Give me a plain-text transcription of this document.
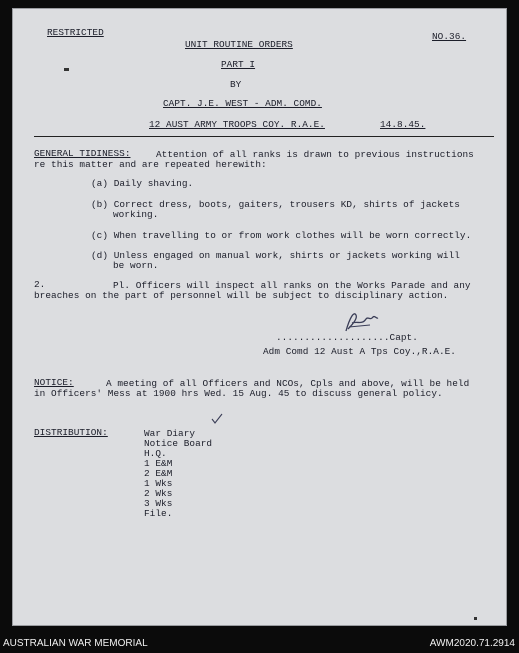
RESTRICTED
UNIT ROUTINE ORDERS
NO.36.
PART I
BY
CAPT. J.E. WEST - ADM. COMD.
12 AUST ARMY TROOPS COY. R.A.E.	14.8.45.
GENERAL TIDINESS:	Attention of all ranks is drawn to previous instructions
re this matter and are repeated herewith:
(a) Daily shaving.
(b) Correct dress, boots, gaiters, trousers KD, shirts of jackets
working.
(c) When travelling to or from work clothes will be worn correctly.
(d) Unless engaged on manual work, shirts or jackets working will
be worn.
2.	Pl. Officers will inspect all ranks on the Works Parade and any
breaches on the part of personnel will be subject to disciplinary action.
....................Capt.
Adm Comd 12 Aust A Tps Coy.,R.A.E.
NOTICE:	A meeting of all Officers and NCOs, Cpls and above, will be held
in Officers' Mess at 1900 hrs Wed. 15 Aug. 45 to discuss general policy.
DISTRIBUTION:	War Diary
Notice Board
H.Q.
1 E&M
2 E&M
1 Wks
2 Wks
3 Wks
File.
AUSTRALIAN WAR MEMORIAL	AWM2020.71.2914
